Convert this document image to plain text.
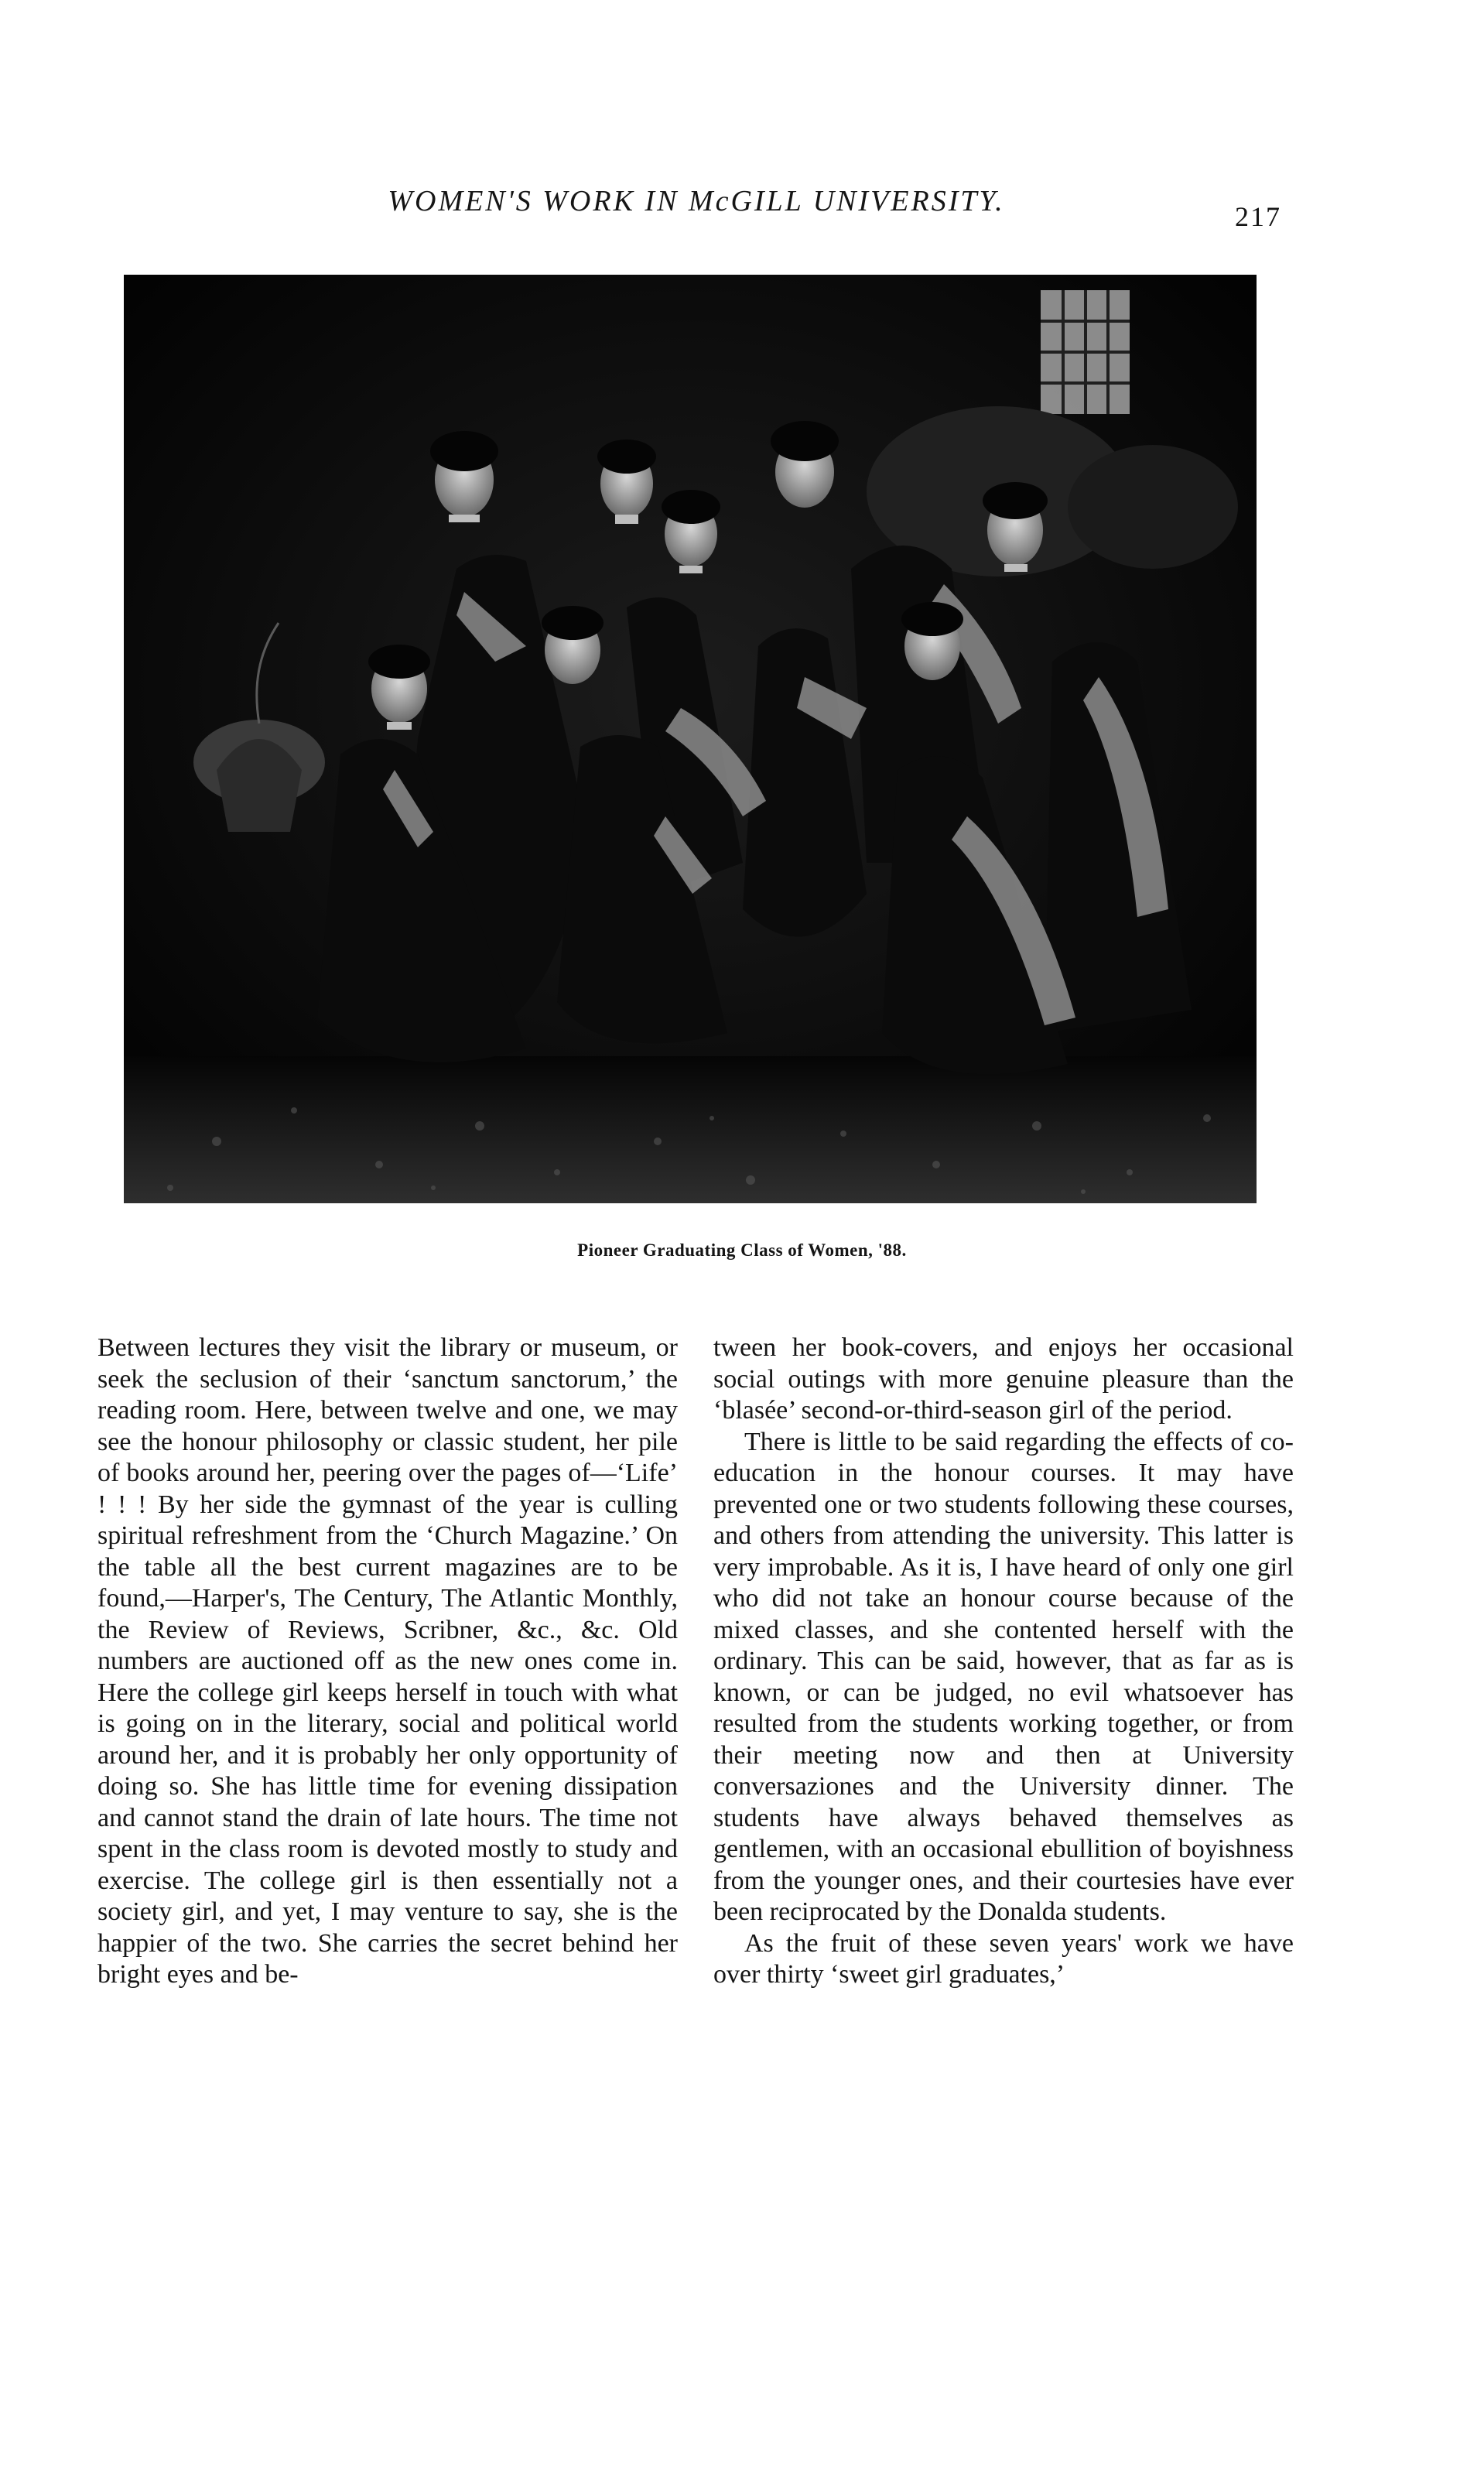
WOMEN'S WORK IN McGILL UNIVERSITY.	217
Pioneer Graduating Class of Women, '88.

Between lectures they visit the library or museum, or seek the seclusion of their ‘sanctum sanctorum,’ the reading room. Here, between twelve and one, we may see the honour philosophy or classic student, her pile of books around her, peering over the pages of—‘Life’ ! ! ! By her side the gymnast of the year is culling spiritual refreshment from the ‘Church Magazine.’ On the table all the best current magazines are to be found,—Harper's, The Century, The Atlantic Monthly, the Review of Reviews, Scribner, &c., &c. Old numbers are auctioned off as the new ones come in. Here the college girl keeps herself in touch with what is going on in the literary, social and political world around her, and it is probably her only opportunity of doing so. She has little time for evening dissipation and cannot stand the drain of late hours. The time not spent in the class room is devoted mostly to study and exercise. The college girl is then essentially not a society girl, and yet, I may venture to say, she is the happier of the two. She carries the secret behind her bright eyes and be-

tween her book-covers, and enjoys her occasional social outings with more genuine pleasure than the ‘blasée’ second-or-third-season girl of the period.

There is little to be said regarding the effects of co-education in the honour courses. It may have prevented one or two students following these courses, and others from attending the university. This latter is very improbable. As it is, I have heard of only one girl who did not take an honour course because of the mixed classes, and she contented herself with the ordinary. This can be said, however, that as far as is known, or can be judged, no evil whatsoever has resulted from the students working together, or from their meeting now and then at University conversaziones and the University dinner. The students have always behaved themselves as gentlemen, with an occasional ebullition of boyishness from the younger ones, and their courtesies have ever been reciprocated by the Donalda students.

As the fruit of these seven years' work we have over thirty ‘sweet girl graduates,’
